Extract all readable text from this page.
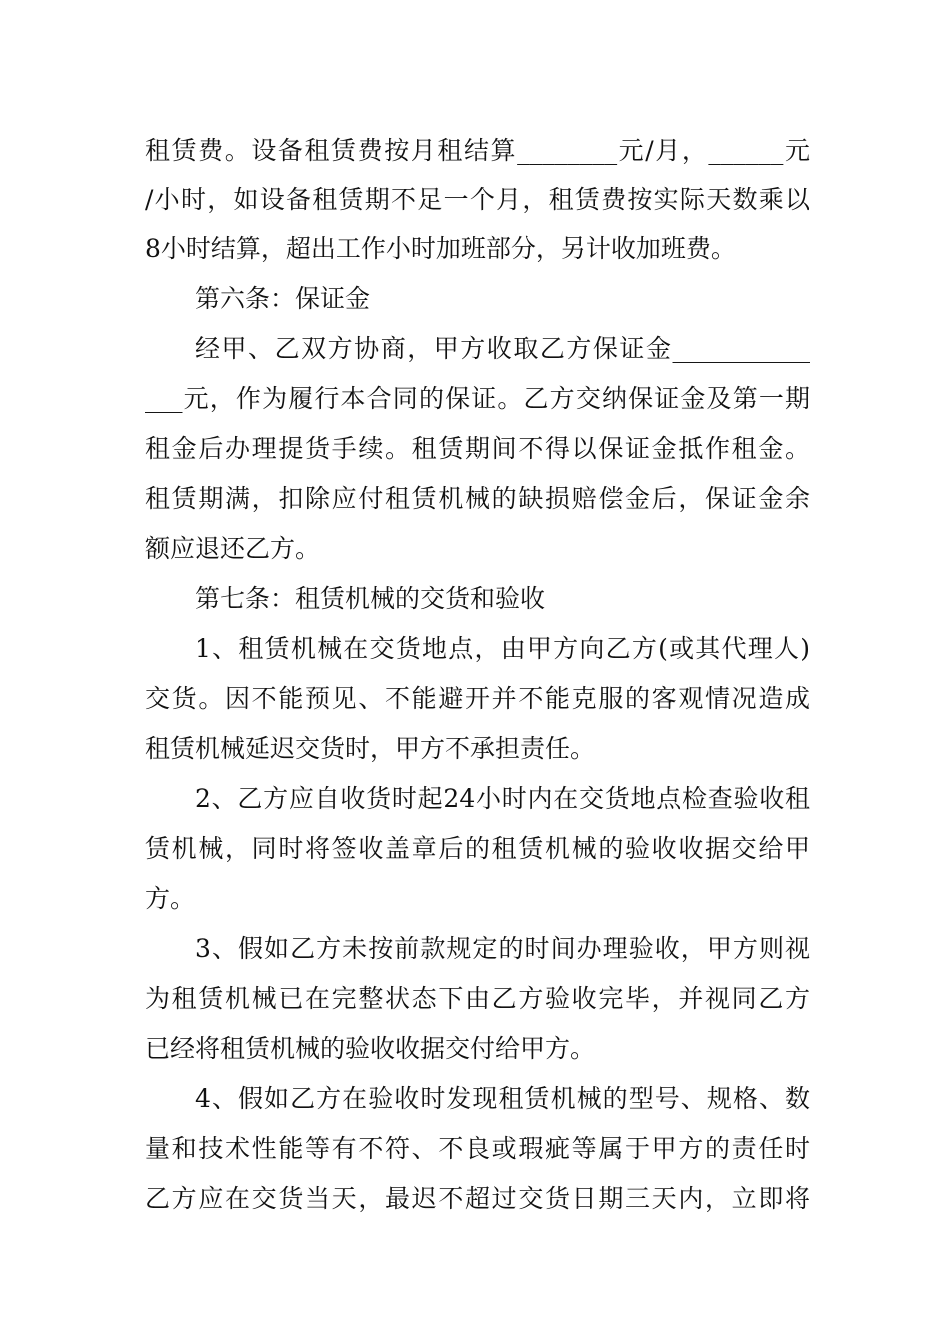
租赁费。设备租赁费按月租结算________元/月，______元
/小时，如设备租赁期不足一个月，租赁费按实际天数乘以
8小时结算，超出工作小时加班部分，另计收加班费。
第六条：保证金
经甲、乙双方协商，甲方收取乙方保证金___________
___元，作为履行本合同的保证。乙方交纳保证金及第一期
租金后办理提货手续。租赁期间不得以保证金抵作租金。
租赁期满，扣除应付租赁机械的缺损赔偿金后，保证金余
额应退还乙方。
第七条：租赁机械的交货和验收
1、租赁机械在交货地点，由甲方向乙方(或其代理人)
交货。因不能预见、不能避开并不能克服的客观情况造成
租赁机械延迟交货时，甲方不承担责任。
2、乙方应自收货时起24小时内在交货地点检查验收租
赁机械，同时将签收盖章后的租赁机械的验收收据交给甲
方。
3、假如乙方未按前款规定的时间办理验收，甲方则视
为租赁机械已在完整状态下由乙方验收完毕，并视同乙方
已经将租赁机械的验收收据交付给甲方。
4、假如乙方在验收时发现租赁机械的型号、规格、数
量和技术性能等有不符、不良或瑕疵等属于甲方的责任时
乙方应在交货当天，最迟不超过交货日期三天内，立即将
